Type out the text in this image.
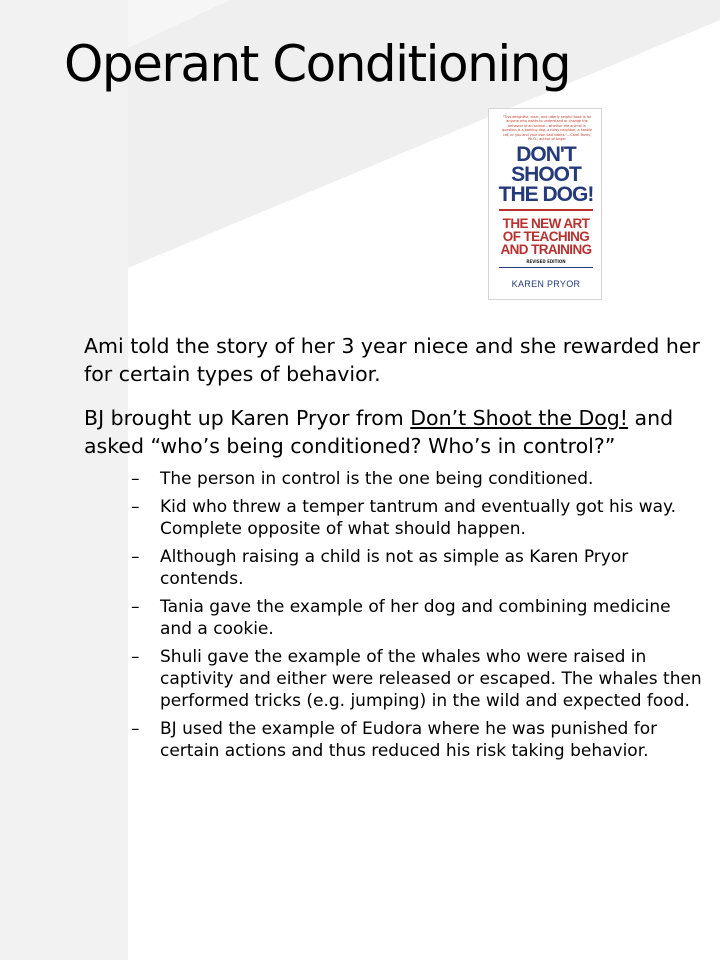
Operant Conditioning
"This delightful, clear, and utterly helpful book is for anyone who wants to understand or change the behavior of an animal—whether the animal in question is a barking dog, a noisy neighbor, a hostile cat, or you and your own bad habits."—Carol Tavris, Ph.D., author of Anger
DON'T
SHOOT
THE DOG!
THE NEW ART
OF TEACHING
AND TRAINING
REVISED EDITION
KAREN PRYOR

Ami told the story of her 3 year niece and she rewarded her for certain types of behavior.

BJ brought up Karen Pryor from Don’t Shoot the Dog! and asked “who’s being conditioned? Who’s in control?”

– The person in control is the one being conditioned.
– Kid who threw a temper tantrum and eventually got his way. Complete opposite of what should happen.
– Although raising a child is not as simple as Karen Pryor contends.
– Tania gave the example of her dog and combining medicine and a cookie.
– Shuli gave the example of the whales who were raised in captivity and either were released or escaped. The whales then performed tricks (e.g. jumping) in the wild and expected food.
– BJ used the example of Eudora where he was punished for certain actions and thus reduced his risk taking behavior.
